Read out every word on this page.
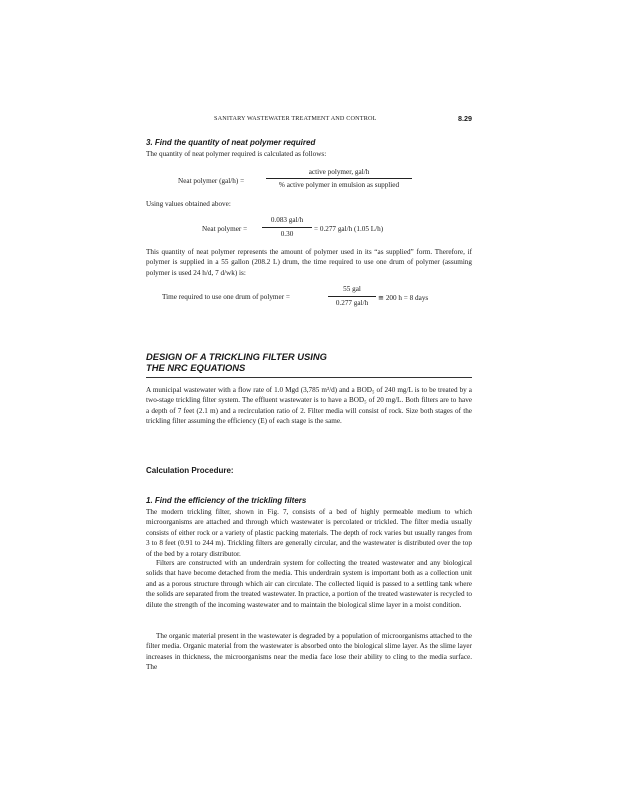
SANITARY WASTEWATER TREATMENT AND CONTROL	8.29
3. Find the quantity of neat polymer required

The quantity of neat polymer required is calculated as follows:

Neat polymer (gal/h) =
active polymer, gal/h
% active polymer in emulsion as supplied

Using values obtained above:

Neat polymer =
0.083 gal/h
0.30
= 0.277 gal/h (1.05 L/h)

This quantity of neat polymer represents the amount of polymer used in its “as supplied” form. Therefore, if polymer is supplied in a 55 gallon (208.2 L) drum, the time required to use one drum of polymer (assuming polymer is used 24 h/d, 7 d/wk) is:

Time required to use one drum of polymer =
55 gal
0.277 gal/h
≅ 200 h = 8 days
DESIGN OF A TRICKLING FILTER USING
THE NRC EQUATIONS

A municipal wastewater with a flow rate of 1.0 Mgd (3,785 m³/d) and a BOD₅ of 240 mg/L is to be treated by a two-stage trickling filter system. The effluent wastewater is to have a BOD₅ of 20 mg/L. Both filters are to have a depth of 7 feet (2.1 m) and a recirculation ratio of 2. Filter media will consist of rock. Size both stages of the trickling filter assuming the efficiency (E) of each stage is the same.

Calculation Procedure:
1. Find the efficiency of the trickling filters

The modern trickling filter, shown in Fig. 7, consists of a bed of highly permeable medium to which microorganisms are attached and through which wastewater is percolated or trickled. The filter media usually consists of either rock or a variety of plastic packing materials. The depth of rock varies but usually ranges from 3 to 8 feet (0.91 to 244 m). Trickling filters are generally circular, and the wastewater is distributed over the top of the bed by a rotary distributor.

Filters are constructed with an underdrain system for collecting the treated wastewater and any biological solids that have become detached from the media. This underdrain system is important both as a collection unit and as a porous structure through which air can circulate. The collected liquid is passed to a settling tank where the solids are separated from the treated wastewater. In practice, a portion of the treated wastewater is recycled to dilute the strength of the incoming wastewater and to maintain the biological slime layer in a moist condition.

The organic material present in the wastewater is degraded by a population of microorganisms attached to the filter media. Organic material from the wastewater is absorbed onto the biological slime layer. As the slime layer increases in thickness, the microorganisms near the media face lose their ability to cling to the media surface. The
